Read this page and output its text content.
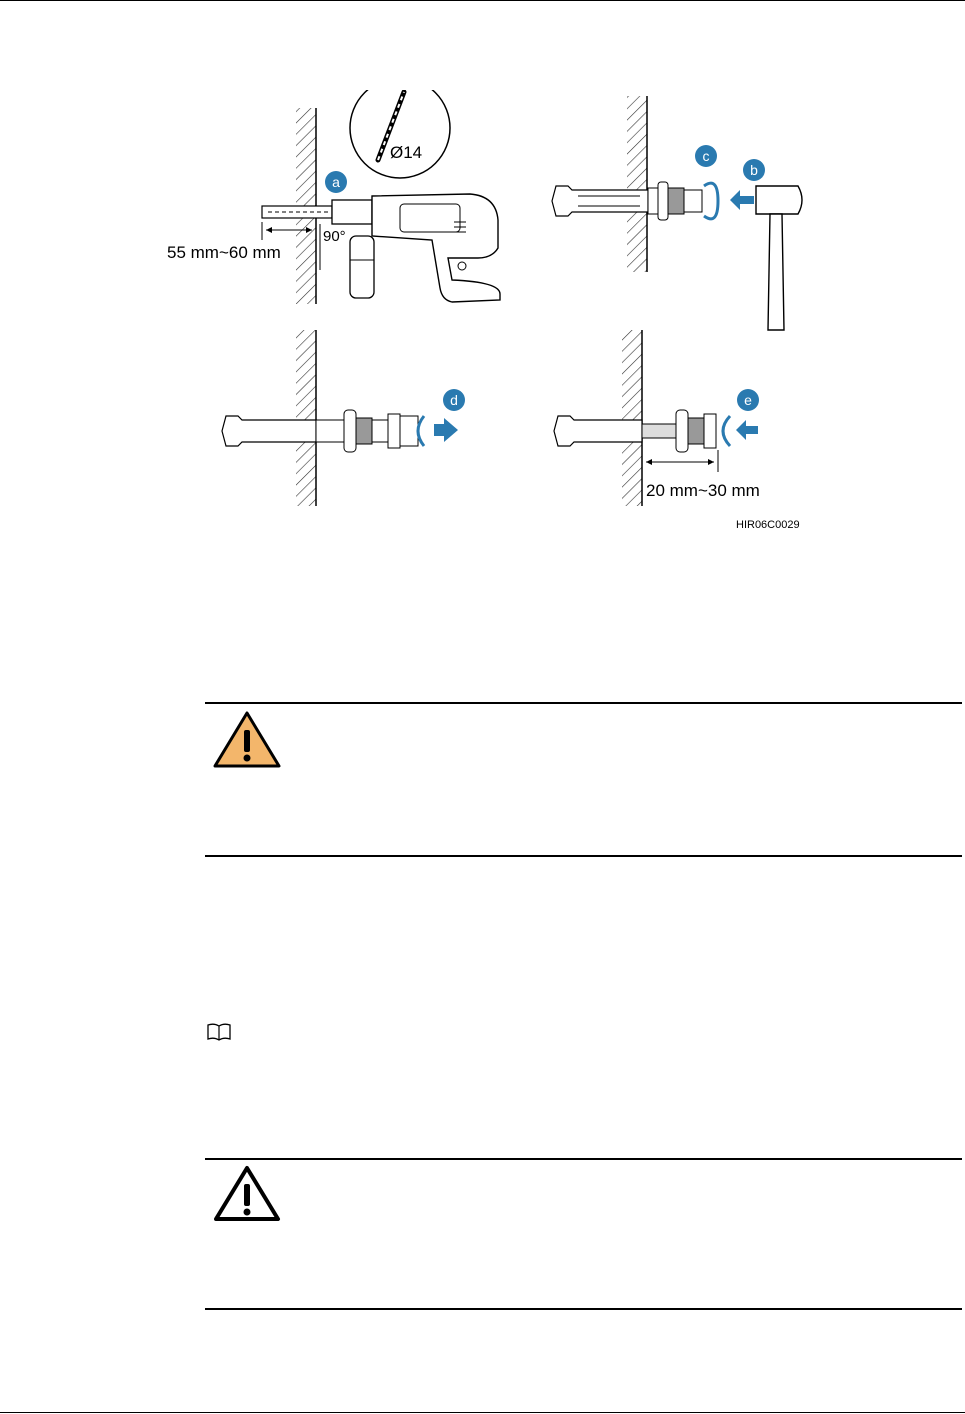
Ø14
55 mm~60 mm
90°
a
c
b
d
20 mm~30 mm
e
HIR06C0029
